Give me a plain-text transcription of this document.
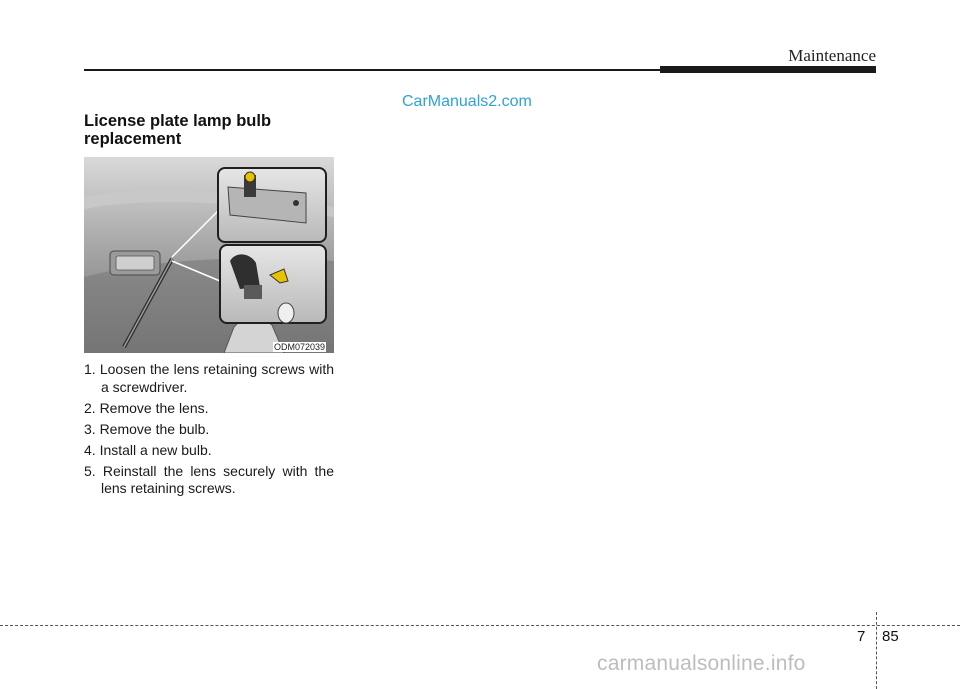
Maintenance
CarManuals2.com
License plate lamp bulb replacement
ODM072039
1. Loosen the lens retaining screws with a screwdriver.
2. Remove the lens.
3. Remove the bulb.
4. Install a new bulb.
5. Reinstall the lens securely with the lens retaining screws.
7 85
carmanualsonline.info
